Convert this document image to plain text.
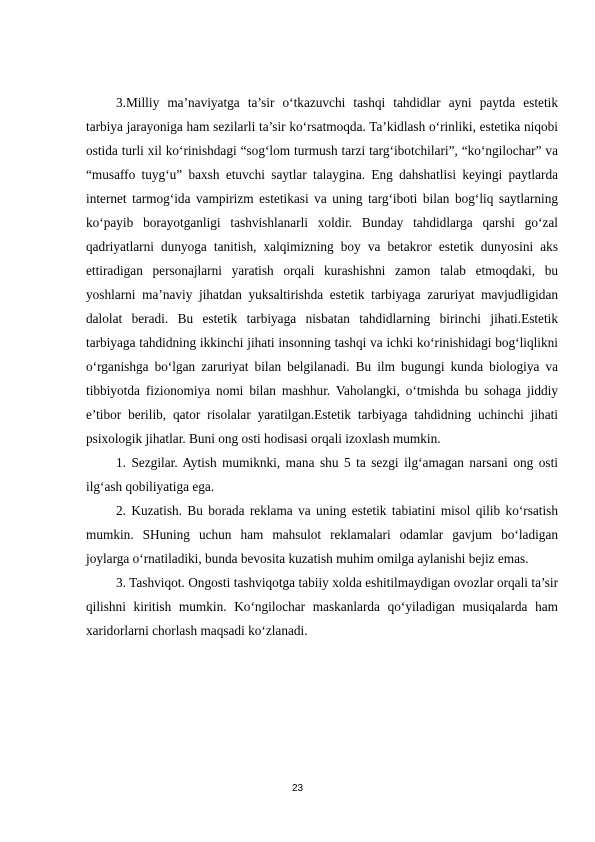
3.Milliy ma’naviyatga ta’sir o‘tkazuvchi tashqi tahdidlar ayni paytda estetik tarbiya jarayoniga ham sezilarli ta’sir ko‘rsatmoqda. Ta’kidlash o‘rinliki, estetika niqobi ostida turli xil ko‘rinishdagi “sog‘lom turmush tarzi targ‘ibotchilari”, “ko‘ngilochar” va “musaffo tuyg‘u” baxsh etuvchi saytlar talaygina. Eng dahshatlisi keyingi paytlarda internet tarmog‘ida vampirizm estetikasi va uning targ‘iboti bilan bog‘liq saytlarning ko‘payib borayotganligi tashvishlanarli xoldir. Bunday tahdidlarga qarshi go‘zal qadriyatlarni dunyoga tanitish, xalqimizning boy va betakror estetik dunyosini aks ettiradigan personajlarni yaratish orqali kurashishni zamon talab etmoqdaki, bu yoshlarni ma’naviy jihatdan yuksaltirishda estetik tarbiyaga zaruriyat mavjudligidan dalolat beradi. Bu estetik tarbiyaga nisbatan tahdidlarning birinchi jihati.Estetik tarbiyaga tahdidning ikkinchi jihati insonning tashqi va ichki ko‘rinishidagi bog‘liqlikni o‘rganishga bo‘lgan zaruriyat bilan belgilanadi. Bu ilm bugungi kunda biologiya va tibbiyotda fizionomiya nomi bilan mashhur. Vaholangki, o‘tmishda bu sohaga jiddiy e’tibor berilib, qator risolalar yaratilgan.Estetik tarbiyaga tahdidning uchinchi jihati psixologik jihatlar. Buni ong osti hodisasi orqali izoxlash mumkin.

1. Sezgilar. Aytish mumiknki, mana shu 5 ta sezgi ilg‘amagan narsani ong osti ilg‘ash qobiliyatiga ega.

2. Kuzatish. Bu borada reklama va uning estetik tabiatini misol qilib ko‘rsatish mumkin. SHuning uchun ham mahsulot reklamalari odamlar gavjum bo‘ladigan joylarga o‘rnatiladiki, bunda bevosita kuzatish muhim omilga aylanishi bejiz emas.

3. Tashviqot. Ongosti tashviqotga tabiiy xolda eshitilmaydigan ovozlar orqali ta’sir qilishni kiritish mumkin. Ko‘ngilochar maskanlarda qo‘yiladigan musiqalarda ham xaridorlarni chorlash maqsadi ko‘zlanadi.

23
